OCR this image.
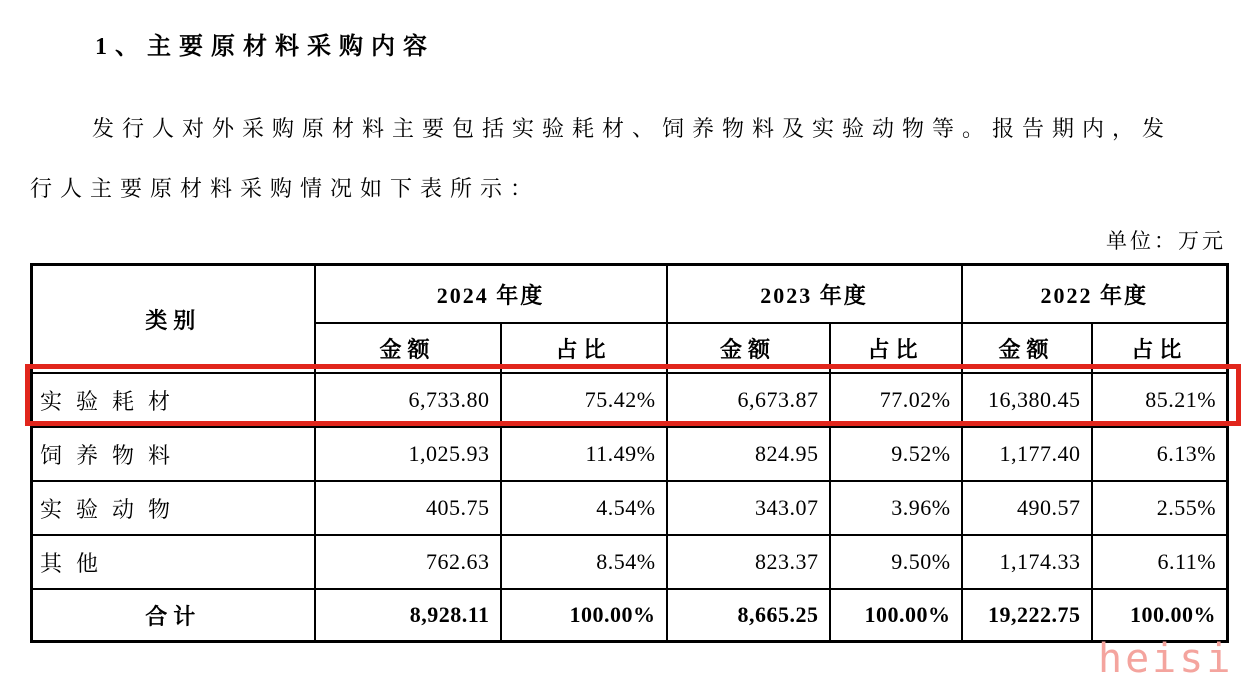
1、主要原材料采购内容
发行人对外采购原材料主要包括实验耗材、饲养物料及实验动物等。报告期内，发
行人主要原材料采购情况如下表所示：
单位：万元
类别	2024 年度		2023 年度		2022 年度	
	金额	占比	金额	占比	金额	占比
实验耗材	6,733.80	75.42%	6,673.87	77.02%	16,380.45	85.21%
饲养物料	1,025.93	11.49%	824.95	9.52%	1,177.40	6.13%
实验动物	405.75	4.54%	343.07	3.96%	490.57	2.55%
其他	762.63	8.54%	823.37	9.50%	1,174.33	6.11%
合计	8,928.11	100.00%	8,665.25	100.00%	19,222.75	100.00%
heisi
